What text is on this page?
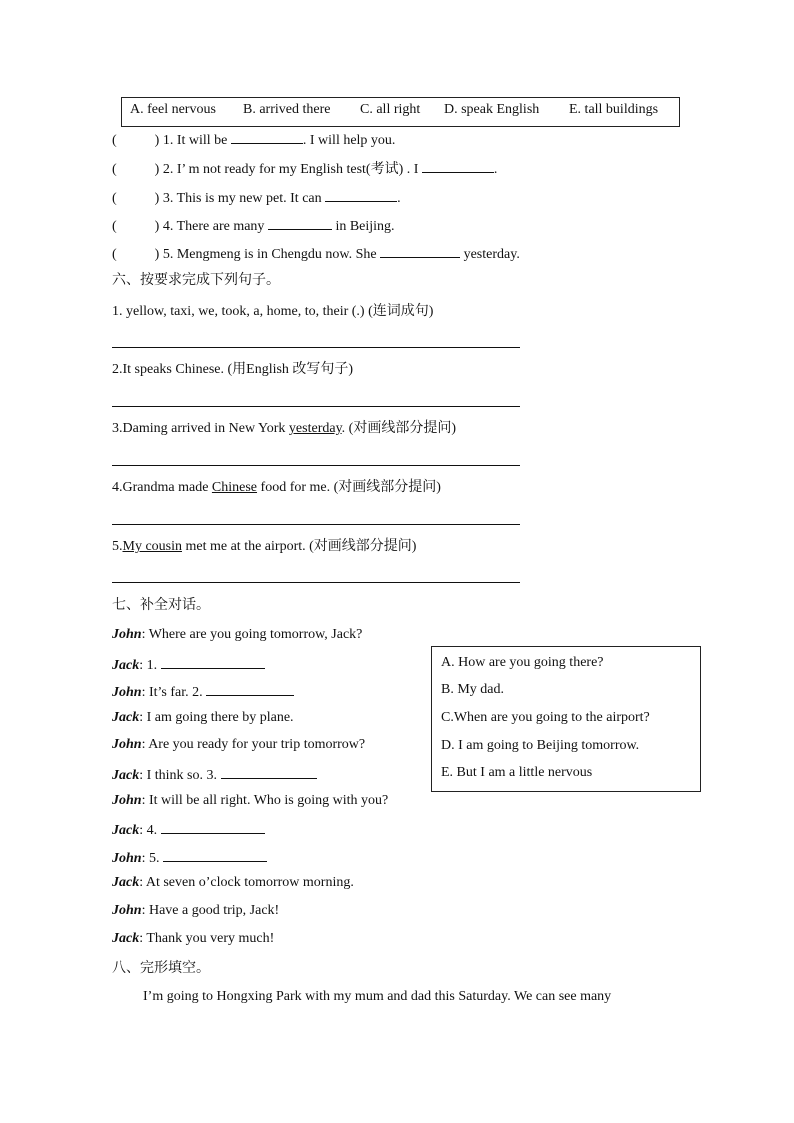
A. feel nervous B. arrived there C. all right D. speak English E. tall buildings
(	) 1. It will be	. I will help you.
(	) 2. I’ m not ready for my English test(考试) . I	.
(	) 3. This is my new pet. It can	.
(	) 4. There are many	in Beijing.
(	) 5. Mengmeng is in Chengdu now. She	yesterday.
六、按要求完成下列句子。
1. yellow, taxi, we, took, a, home, to, their (.) (连词成句)
2.It speaks Chinese. (用English 改写句子)
3.Daming arrived in New York yesterday. (对画线部分提问)
4.Grandma made Chinese food for me. (对画线部分提问)
5.My cousin met me at the airport. (对画线部分提问)
七、补全对话。
John: Where are you going tomorrow, Jack?
Jack: 1.
John: It’s far. 2.
Jack: I am going there by plane.
John: Are you ready for your trip tomorrow?
Jack: I think so. 3.
John: It will be all right. Who is going with you?
Jack: 4.
John: 5.
Jack: At seven o’clock tomorrow morning.
John: Have a good trip, Jack!
Jack: Thank you very much!
A. How are you going there?
B. My dad.
C.When are you going to the airport?
D. I am going to Beijing tomorrow.
E. But I am a little nervous
八、完形填空。
I’m going to Hongxing Park with my mum and dad this Saturday. We can see many
